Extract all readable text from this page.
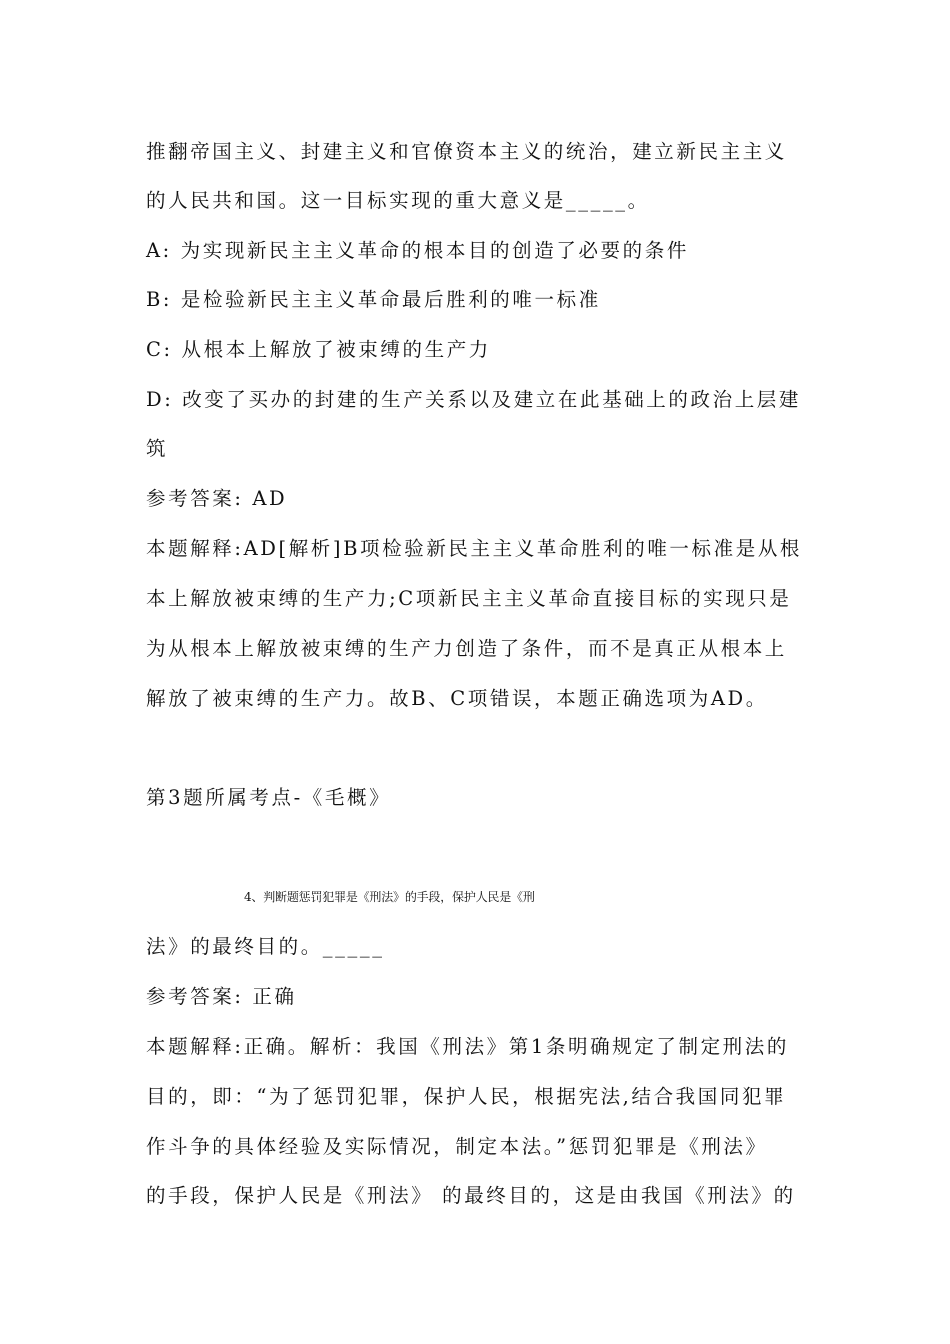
推翻帝国主义、封建主义和官僚资本主义的统治，建立新民主主义
的人民共和国。这一目标实现的重大意义是_____。
A: 为实现新民主主义革命的根本目的创造了必要的条件
B: 是检验新民主主义革命最后胜利的唯一标准
C: 从根本上解放了被束缚的生产力
D: 改变了买办的封建的生产关系以及建立在此基础上的政治上层建
筑
参考答案: AD
本题解释:AD[解析]B项检验新民主主义革命胜利的唯一标准是从根
本上解放被束缚的生产力;C项新民主主义革命直接目标的实现只是
为从根本上解放被束缚的生产力创造了条件，而不是真正从根本上
解放了被束缚的生产力。故B、C项错误，本题正确选项为AD。
第3题所属考点-《毛概》
4、判断题惩罚犯罪是《刑法》的手段，保护人民是《刑
法》的最终目的。_____
参考答案: 正确
本题解释:正确。解析：我国《刑法》第1条明确规定了制定刑法的
目的，即：“为了惩罚犯罪，保护人民，根据宪法,结合我国同犯罪
作斗争的具体经验及实际情况，制定本法。”惩罚犯罪是《刑法》
的手段，保护人民是《刑法》 的最终目的，这是由我国《刑法》的
